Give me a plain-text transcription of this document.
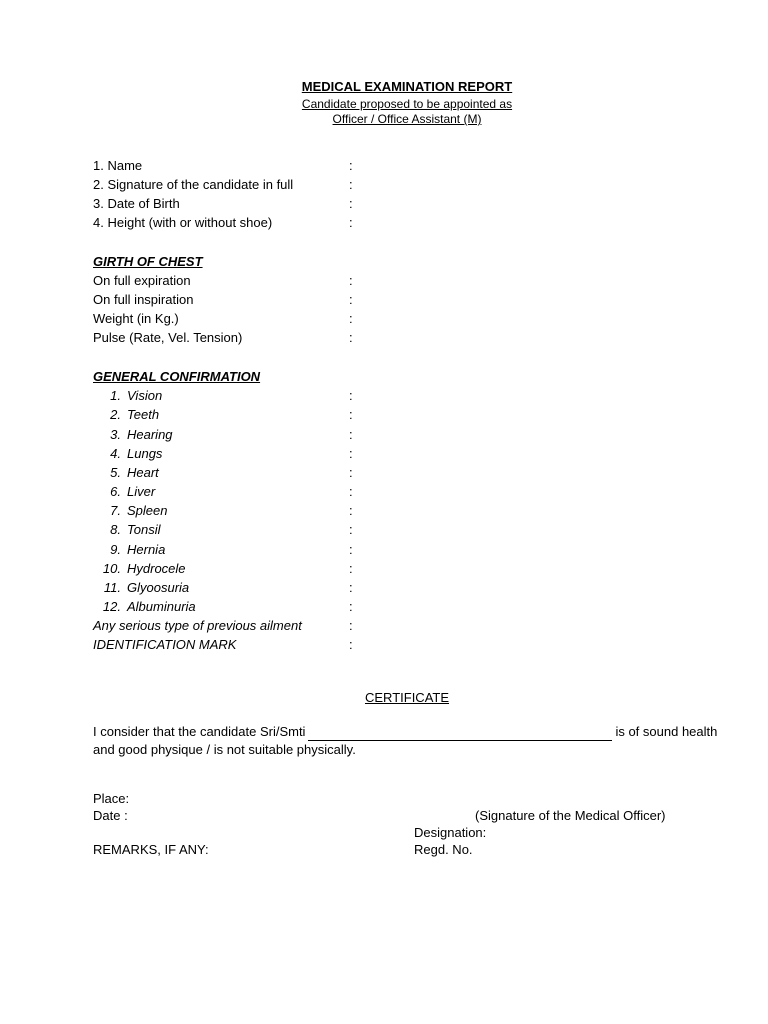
MEDICAL EXAMINATION REPORT
Candidate proposed to be appointed as
Officer / Office Assistant (M)
1. Name	:
2. Signature of the candidate in full	:
3. Date of Birth	:
4. Height (with or without shoe)	:
GIRTH OF CHEST
On full expiration	:
On full inspiration	:
Weight (in Kg.)	:
Pulse (Rate, Vel. Tension)	:
GENERAL CONFIRMATION
1. Vision	:
2. Teeth	:
3. Hearing	:
4. Lungs	:
5. Heart	:
6. Liver	:
7. Spleen	:
8. Tonsil	:
9. Hernia	:
10. Hydrocele	:
11. Glyoosuria	:
12. Albuminuria	:
Any serious type of previous ailment	:
IDENTIFICATION MARK	:
CERTIFICATE
I consider that the candidate Sri/Smti	is of sound health
and good physique / is not suitable physically.
Place:
Date :	(Signature of the Medical Officer)
Designation:
REMARKS, IF ANY:	Regd. No.
